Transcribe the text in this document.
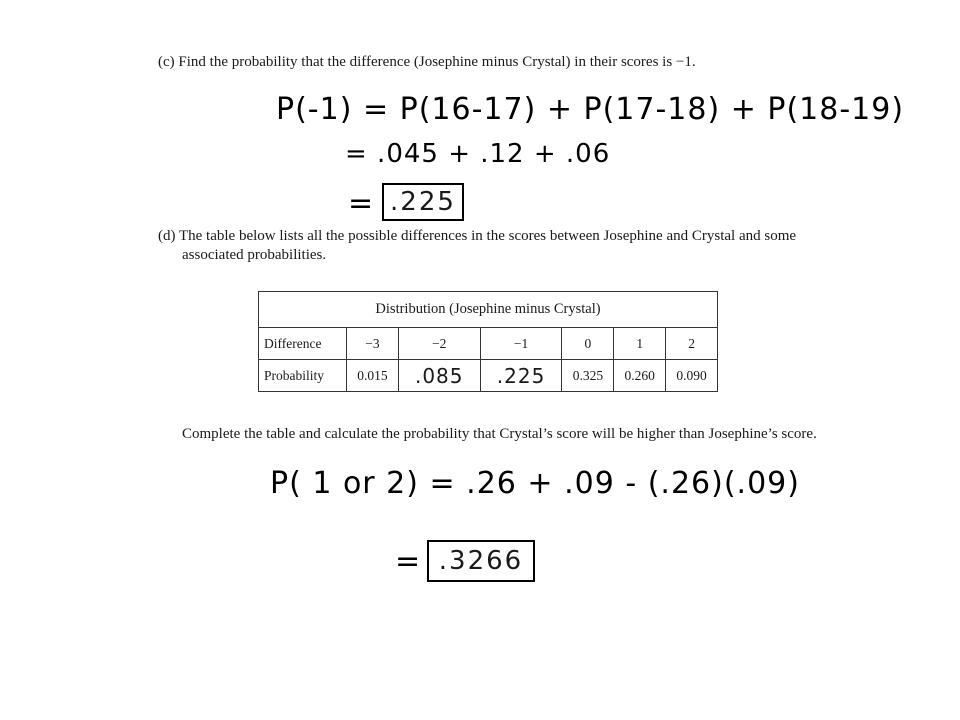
(c) Find the probability that the difference (Josephine minus Crystal) in their scores is −1.
P(-1) = P(16-17) + P(17-18) + P(18-19)
= .045 + .12 + .06
= .225
(d) The table below lists all the possible differences in the scores between Josephine and Crystal and some
associated probabilities.
Distribution (Josephine minus Crystal)						
Difference	−3	−2	−1	0	1	2
Probability	0.015	.085	.225	0.325	0.260	0.090
Complete the table and calculate the probability that Crystal’s score will be higher than Josephine’s score.
P( 1 or 2) = .26 + .09 - (.26)(.09)
= .3266
